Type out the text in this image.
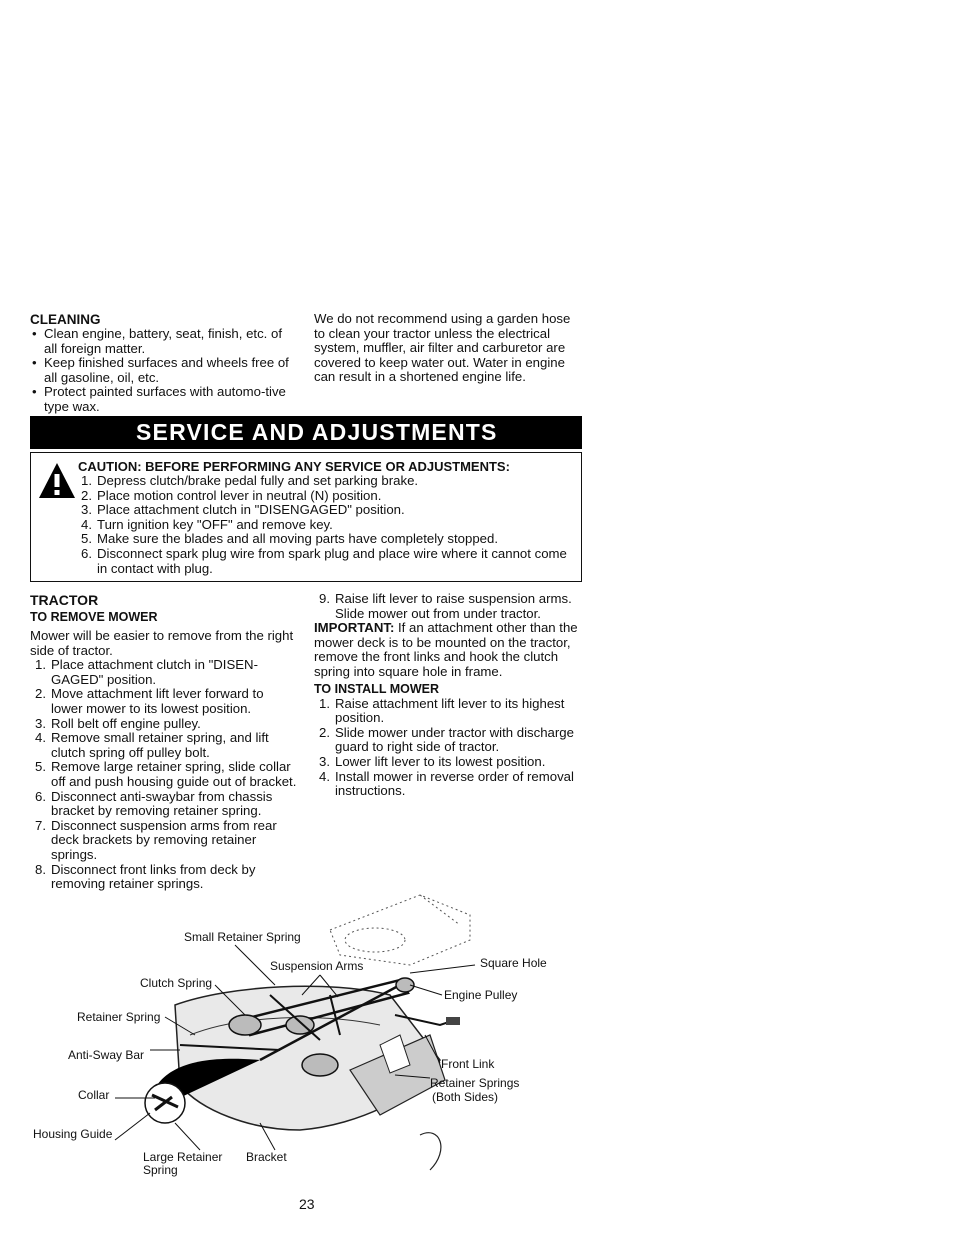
CLEANING
• Clean engine, battery, seat, finish, etc. of all foreign matter.
• Keep finished surfaces and wheels free of all gasoline, oil, etc.
• Protect painted surfaces with automo-tive type wax.
We do not recommend using a garden hose to clean your tractor unless the electrical system, muffler, air filter and carburetor are covered to keep water out. Water in engine can result in a shortened engine life.
SERVICE AND ADJUSTMENTS
CAUTION: BEFORE PERFORMING ANY SERVICE OR ADJUSTMENTS:
1. Depress clutch/brake pedal fully and set parking brake.
2. Place motion control lever in neutral (N) position.
3. Place attachment clutch in "DISENGAGED" position.
4. Turn ignition key "OFF" and remove key.
5. Make sure the blades and all moving parts have completely stopped.
6. Disconnect spark plug wire from spark plug and place wire where it cannot come in contact with plug.
TRACTOR
TO REMOVE MOWER
Mower will be easier to remove from the right side of tractor.
1. Place attachment clutch in "DISEN-GAGED" position.
2. Move attachment lift lever forward to lower mower to its lowest position.
3. Roll belt off engine pulley.
4. Remove small retainer spring, and lift clutch spring off pulley bolt.
5. Remove large retainer spring, slide collar off and push housing guide out of bracket.
6. Disconnect anti-swaybar from chassis bracket by removing retainer spring.
7. Disconnect suspension arms from rear deck brackets by removing retainer springs.
8. Disconnect front links from deck by removing retainer springs.
9. Raise lift lever to raise suspension arms. Slide mower out from under tractor.
IMPORTANT: If an attachment other than the mower deck is to be mounted on the tractor, remove the front links and hook the clutch spring into square hole in frame.
TO INSTALL MOWER
1. Raise attachment lift lever to its highest position.
2. Slide mower under tractor with discharge guard to right side of tractor.
3. Lower lift lever to its lowest position.
4. Install mower in reverse order of removal instructions.
Small Retainer Spring
Suspension Arms	Square Hole
Clutch Spring
Engine Pulley
Retainer Spring
Anti-Sway Bar
Front Link
Retainer Springs
(Both Sides)
Collar
Housing Guide
Large Retainer
Spring
Bracket
23
